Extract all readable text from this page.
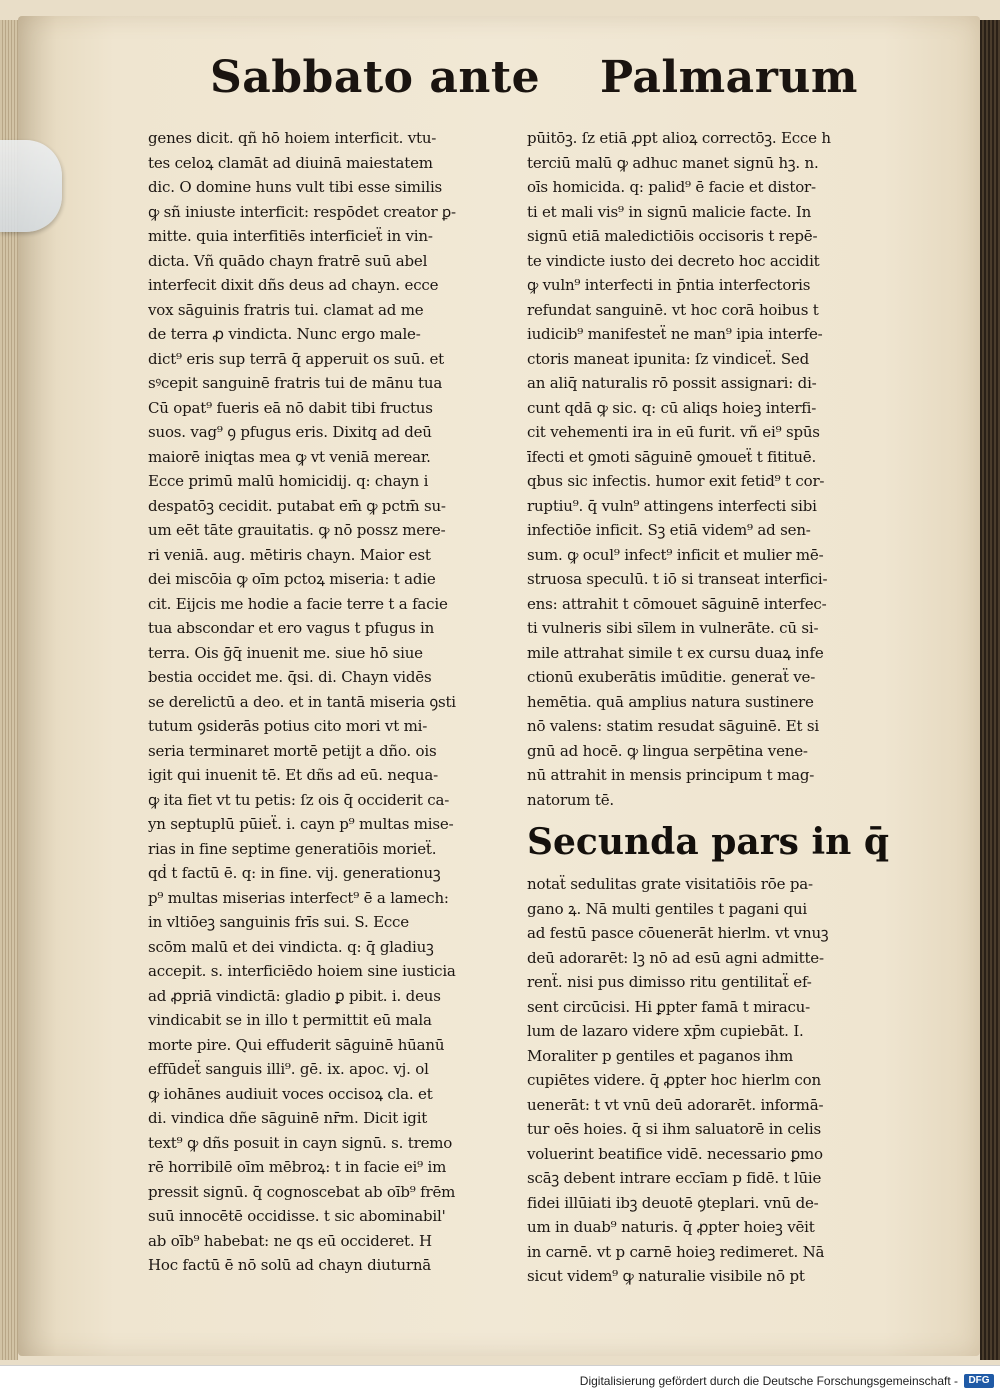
Sabbato ante Palmarum
genes dicit. qñ hō hoiem interficit. vtu-
tes celoꝝ clamāt ad diuinā maiestatem
dic. O domine huns vult tibi esse similis
ꝙ sñ iniuste interficit: respōdet creator ꝑ-
mitte. quia interfitiēs interficieẗ in vin-
dicta. Vñ quādo chayn fratrē suū abel
interfecit dixit dñs deus ad chayn. ecce
vox sāguinis fratris tui. clamat ad me
de terra ꝓ vindicta. Nunc ergo male-
dict⁹ eris sup terrā q̄ apperuit os suū. et
sꝰcepit sanguinē fratris tui de mānu tua
Cū opat⁹ fueris eā nō dabit tibi fructus
suos. vag⁹ ꝯ pfugus eris. Dixitq̧ ad deū
maiorē iniqtas mea ꝙ vt veniā merear.
Ecce primū malū homicidij. q: chayn i
despatōꝫ cecidit. putabat em̄ ꝙ pctm̄ su-
um eēt tāte grauitatis. ꝙ nō possz mere-
ri veniā. aug. mētiris chayn. Maior est
dei miscōia ꝙ oīm pctoꝝ miseria: t adie
cit. Eijcis me hodie a facie terre t a facie
tua abscondar et ero vagus t pfugus in
terra. Ois ḡq̄ inuenit me. siue hō siue
bestia occidet me. q̄si. di. Chayn vidēs
se derelictū a deo. et in tantā miseria ꝯsti
tutum ꝯsiderās potius cito mori vt mi-
seria terminaret mortē petijt a dño. ois
igit qui inuenit tē. Et dñs ad eū. nequa-
ꝙ ita fiet vt tu petis: ſz ois q̄ occiderit ca-
yn septuplū pūieẗ. i. cayn p⁹ multas mise-
rias in fine septime generatiōis morieẗ.
qḋ t factū ē. q: in fine. vij. generationuꝫ
p⁹ multas miserias interfect⁹ ē a lamech:
in vltiōeꝫ sanguinis frīs sui. S. Ecce
scōm malū et dei vindicta. q: q̄ gladiuꝫ
accepit. s. interficiēdo hoiem sine iusticia
ad ꝓpriā vindictā: gladio ꝑ pibit. i. deus
vindicabit se in illo t permittit eū mala
morte pire. Qui effuderit sāguinē hūanū
effūdeẗ sanguis illi⁹. gē. ix. apoc. vj. ol
ꝙ iohānes audiuit voces occisoꝝ cla. et
di. vindica dñe sāguinē nr̄m. Dicit igit
text⁹ ꝙ dñs posuit in cayn signū. s. tremo
rē horribilē oīm mēbroꝝ: t in facie ei⁹ im
pressit signū. q̄ cognoscebat ab oīb⁹ frēm
suū innocētē occidisse. t sic abominabil'
ab oīb⁹ habebat: ne qs eū occideret. H
Hoc factū ē nō solū ad chayn diuturnā
pūitōꝫ. ſz etiā ꝓpt alioꝝ correctōꝫ. Ecce h
terciū malū ꝙ adhuc manet signū hꝫ. n.
oīs homicida. q: palid⁹ ē facie et distor-
ti et mali vis⁹ in signū malicie facte. In
signū etiā maledictiōis occisoris t repē-
te vindicte iusto dei decreto hoc accidit
ꝙ vuln⁹ interfecti in p̄ntia interfectoris
refundat sanguinē. vt hoc corā hoibus t
iudicib⁹ manifesteẗ ne man⁹ ipia interfe-
ctoris maneat ipunita: ſz vindiceẗ. Sed
an aliq̄ naturalis rō possit assignari: di-
cunt qdā ꝙ sic. q: cū aliqs hoieꝫ interfi-
cit vehementi ira in eū furit. vñ ei⁹ spūs
īfecti et ꝯmoti sāguinē ꝯmoueẗ t fitituē.
qbus sic infectis. humor exit fetid⁹ t cor-
ruptiu⁹. q̄ vuln⁹ attingens interfecti sibi
infectiōe inficit. Sꝫ etiā videm⁹ ad sen-
sum. ꝙ ocul⁹ infect⁹ inficit et mulier mē-
struosa speculū. t iō si transeat interfici-
ens: attrahit t cōmouet sāguinē interfec-
ti vulneris sibi sīlem in vulnerāte. cū si-
mile attrahat simile t ex cursu duaꝝ infe
ctionū exuberātis imūditie. generaẗ ve-
hemētia. quā amplius natura sustinere
nō valens: statim resudat sāguinē. Et si
gnū ad hocē. ꝙ lingua serpētina vene-
nū attrahit in mensis principum t mag-
natorum tē.
Secunda pars in q̄
notaẗ sedulitas grate visitatiōis rōe pa-
gano ꝝ. Nā multi gentiles t pagani qui
ad festū pasce cōuenerāt hierlm. vt vnuꝫ
deū adorarēt: lꝫ nō ad esū agni admitte-
renẗ. nisi pus dimisso ritu gentilitaẗ ef-
sent circūcisi. Hi ꝑpter famā t miracu-
lum de lazaro videre xp̄m cupiebāt. I.
Moraliter p gentiles et paganos ihm
cupiētes videre. q̄ ꝓpter hoc hierlm con
uenerāt: t vt vnū deū adorarēt. informā-
tur oēs hoies. q̄ si ihm saluatorē in celis
voluerint beatifice vidē. necessario ꝑmo
scāꝫ debent intrare eccīam p fidē. t lūie
fidei illūiati ibꝫ deuotē ꝯteplari. vnū de-
um in duab⁹ naturis. q̄ ꝓpter hoieꝫ vēit
in carnē. vt p carnē hoieꝫ redimeret. Nā
sicut videm⁹ ꝙ naturalie visibile nō pt
Digitalisierung gefördert durch die Deutsche Forschungsgemeinschaft -	DFG
